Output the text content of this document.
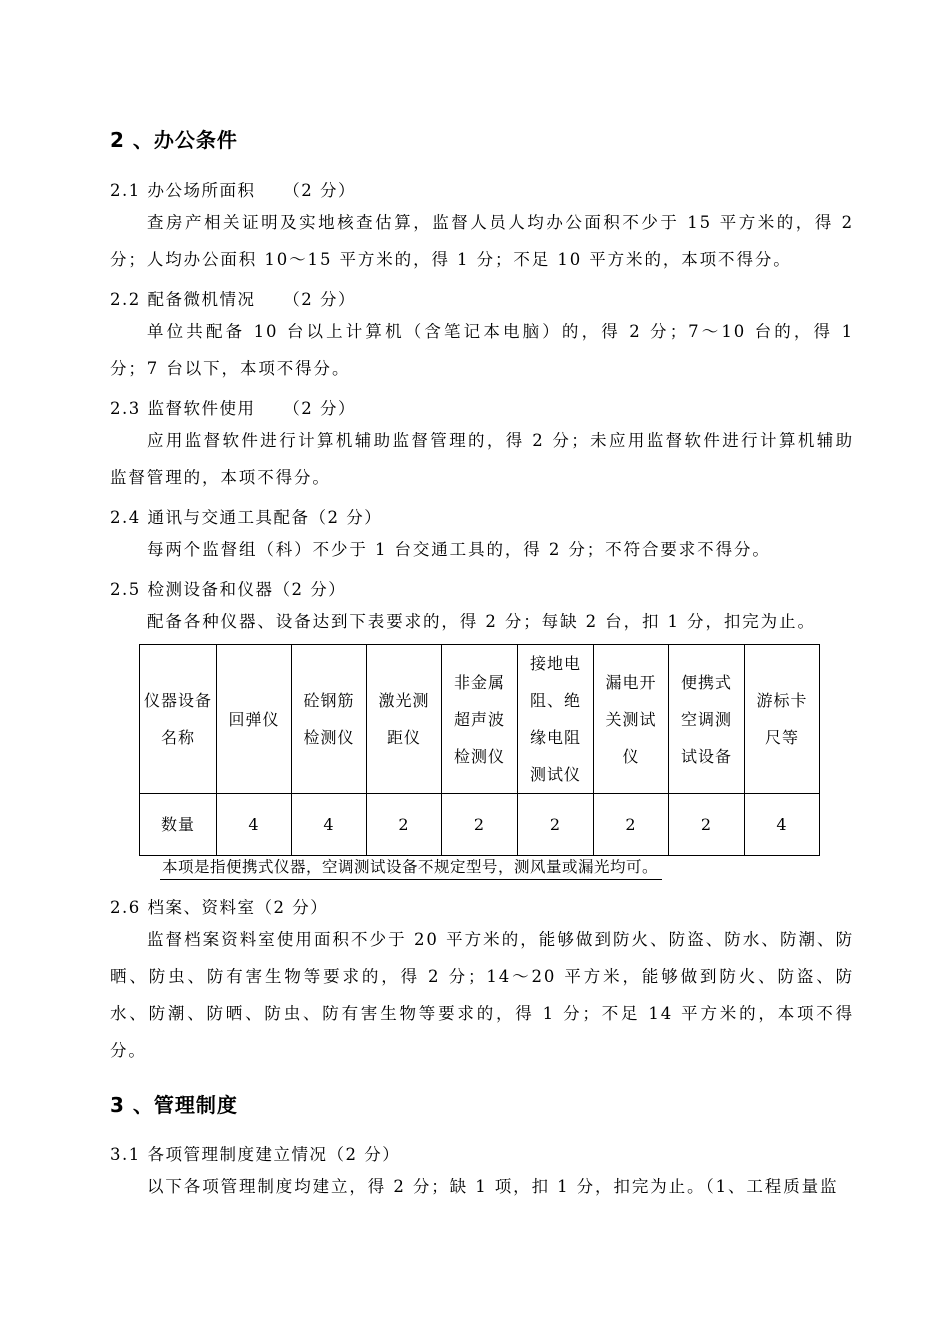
2 、办公条件
2.1 办公场所面积　　（2 分）

查房产相关证明及实地核查估算，监督人员人均办公面积不少于 15 平方米的，得 2 分；人均办公面积 10～15 平方米的，得 1 分；不足 10 平方米的，本项不得分。

2.2 配备微机情况　　（2 分）

单位共配备 10 台以上计算机（含笔记本电脑）的，得 2 分；7～10 台的，得 1 分；7 台以下，本项不得分。

2.3 监督软件使用　　（2 分）

应用监督软件进行计算机辅助监督管理的，得 2 分；未应用监督软件进行计算机辅助监督管理的，本项不得分。

2.4 通讯与交通工具配备（2 分）

每两个监督组（科）不少于 1 台交通工具的，得 2 分；不符合要求不得分。

2.5 检测设备和仪器（2 分）

配备各种仪器、设备达到下表要求的，得 2 分；每缺 2 台，扣 1 分，扣完为止。

仪器设备名称	回弹仪	砼钢筋检测仪	激光测距仪	非金属超声波检测仪	接地电阻、绝缘电阻测试仪	漏电开关测试仪	便携式空调测试设备	游标卡尺等
数量	4	4	2	2	2	2	2	4
本项是指便携式仪器，空调测试设备不规定型号，测风量或漏光均可。
2.6 档案、资料室（2 分）

监督档案资料室使用面积不少于 20 平方米的，能够做到防火、防盗、防水、防潮、防晒、防虫、防有害生物等要求的，得 2 分；14～20 平方米，能够做到防火、防盗、防水、防潮、防晒、防虫、防有害生物等要求的，得 1 分；不足 14 平方米的，本项不得分。

3 、管理制度
3.1 各项管理制度建立情况（2 分）

以下各项管理制度均建立，得 2 分；缺 1 项，扣 1 分，扣完为止。（1、工程质量监
